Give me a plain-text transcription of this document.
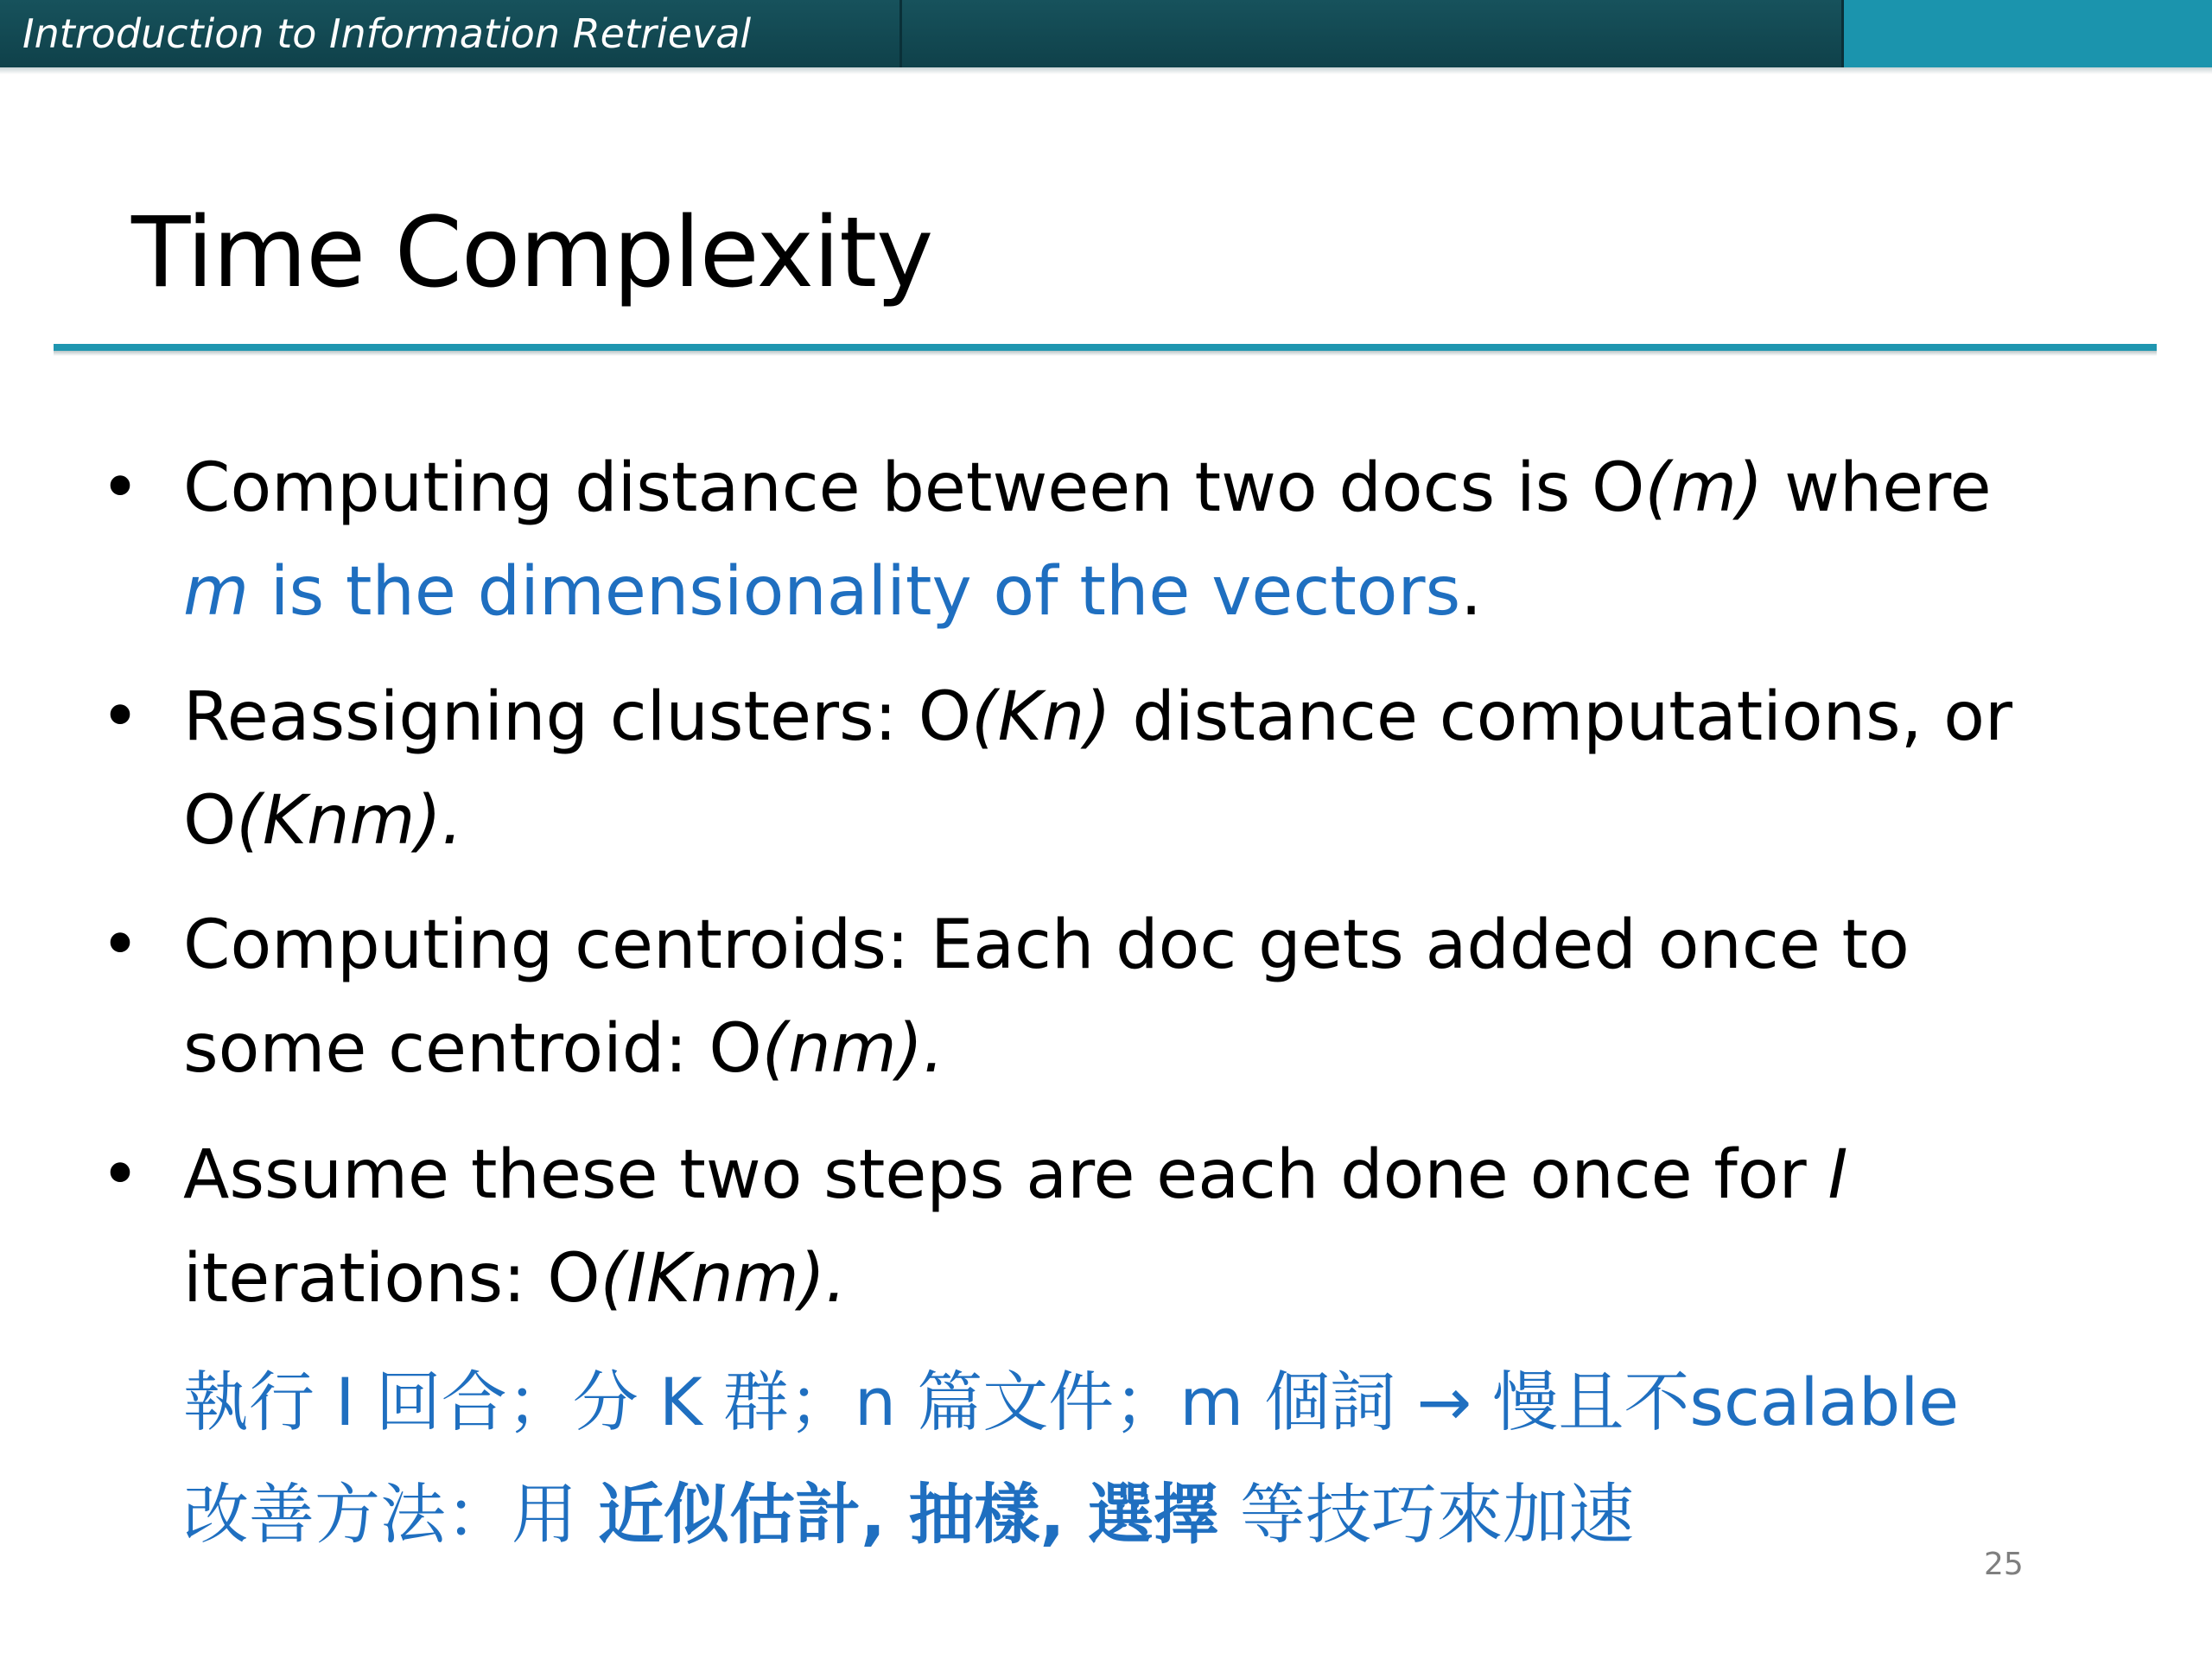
Introduction to Information Retrieval
Time Complexity
• Computing distance between two docs is O(m) where
m is the dimensionality of the vectors.
• Reassigning clusters: O(Kn) distance computations, or
O(Knm).
• Computing centroids: Each doc gets added once to
some centroid: O(nm).
• Assume these two steps are each done once for I
iterations: O(IKnm).
執行 I 回合；分 K 群；n 篇文件；m 個詞 → 慢且不scalable
改善方法：用 近似估計, 抽樣, 選擇 等技巧來加速
25
